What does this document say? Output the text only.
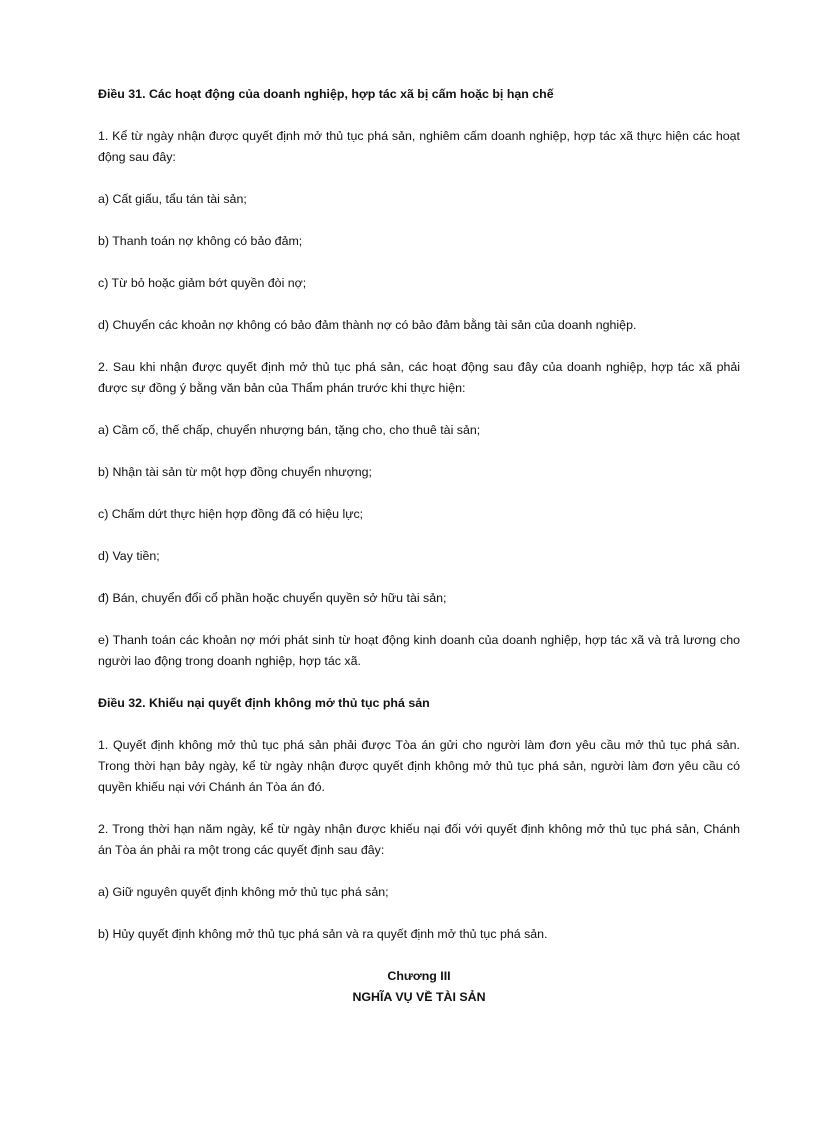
Điều 31. Các hoạt động của doanh nghiệp, hợp tác xã bị cấm hoặc bị hạn chế

1. Kể từ ngày nhận được quyết định mở thủ tục phá sản, nghiêm cấm doanh nghiệp, hợp tác xã thực hiện các hoạt động sau đây:

a) Cất giấu, tẩu tán tài sản;

b) Thanh toán nợ không có bảo đảm;

c) Từ bỏ hoặc giảm bớt quyền đòi nợ;

d) Chuyển các khoản nợ không có bảo đảm thành nợ có bảo đảm bằng tài sản của doanh nghiệp.

2. Sau khi nhận được quyết định mở thủ tục phá sản, các hoạt động sau đây của doanh nghiệp, hợp tác xã phải được sự đồng ý bằng văn bản của Thẩm phán trước khi thực hiện:

a) Cầm cố, thế chấp, chuyển nhượng bán, tặng cho, cho thuê tài sản;

b) Nhận tài sản từ một hợp đồng chuyển nhượng;

c) Chấm dứt thực hiện hợp đồng đã có hiệu lực;

d) Vay tiền;

đ) Bán, chuyển đổi cổ phần hoặc chuyển quyền sở hữu tài sản;

e) Thanh toán các khoản nợ mới phát sinh từ hoạt động kinh doanh của doanh nghiệp, hợp tác xã và trả lương cho người lao động trong doanh nghiệp, hợp tác xã.

Điều 32. Khiếu nại quyết định không mở thủ tục phá sản

1. Quyết định không mở thủ tục phá sản phải được Tòa án gửi cho người làm đơn yêu cầu mở thủ tục phá sản. Trong thời hạn bảy ngày, kể từ ngày nhận được quyết định không mở thủ tục phá sản, người làm đơn yêu cầu có quyền khiếu nại với Chánh án Tòa án đó.

2. Trong thời hạn năm ngày, kể từ ngày nhận được khiếu nại đối với quyết định không mở thủ tục phá sản, Chánh án Tòa án phải ra một trong các quyết định sau đây:

a) Giữ nguyên quyết định không mở thủ tục phá sản;

b) Hủy quyết định không mở thủ tục phá sản và ra quyết định mở thủ tục phá sản.

Chương III

NGHĨA VỤ VỀ TÀI SẢN
